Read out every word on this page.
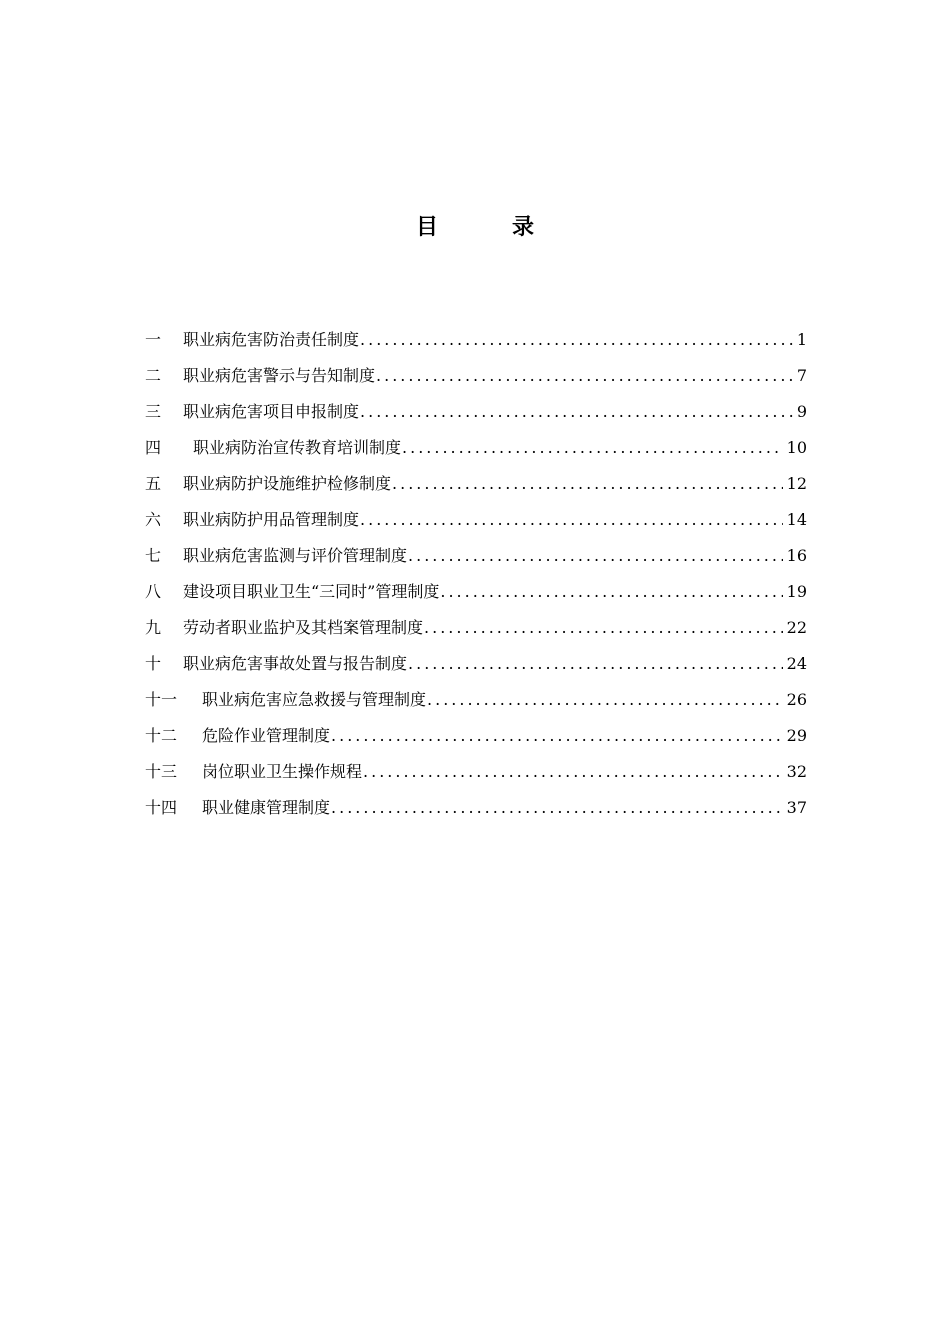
目　录
一	职业病危害防治责任制度 .....	1
二	职业病危害警示与告知制度 .....	7
三	职业病危害项目申报制度 .....	9
四	职业病防治宣传教育培训制度 .....	10
五	职业病防护设施维护检修制度 .....	12
六	职业病防护用品管理制度 .....	14
七	职业病危害监测与评价管理制度 .....	16
八	建设项目职业卫生“三同时”管理制度 .....	19
九	劳动者职业监护及其档案管理制度 .....	22
十	职业病危害事故处置与报告制度 .....	24
十一	职业病危害应急救援与管理制度 .....	26
十二	危险作业管理制度 .....	29
十三	岗位职业卫生操作规程 .....	32
十四	职业健康管理制度 .....	37
